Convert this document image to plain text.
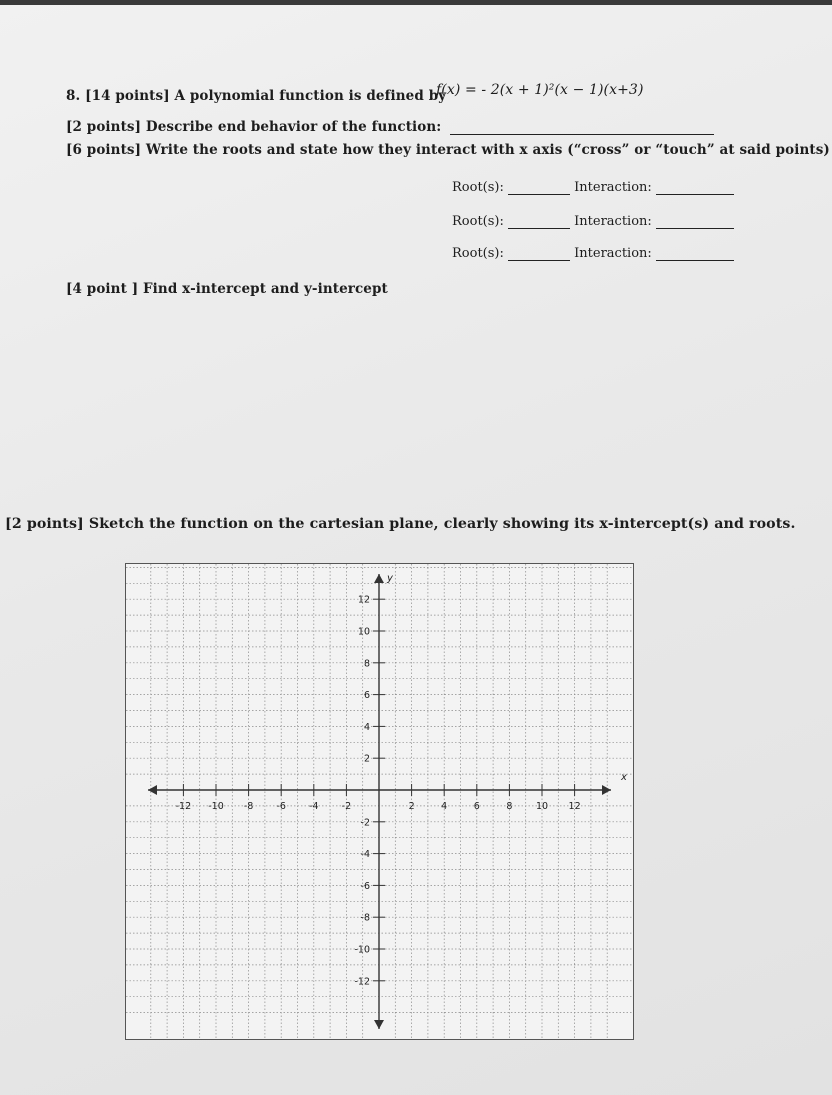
8. [14 points] A polynomial function is defined by
f(x) = - 2(x + 1)²(x − 1)(x+3)
[2 points] Describe end behavior of the function:
[6 points] Write the roots and state how they interact with x axis (“cross” or “touch” at said points)
Root(s):	Interaction:
Root(s):	Interaction:
Root(s):	Interaction:
[4 point ] Find x-intercept and y-intercept
[2 points] Sketch the function on the cartesian plane, clearly showing its x-intercept(s) and roots.
x
y
-12 -10 -8 -6 -4 -2	2	4	6	8 10 12
12
10
8
6
4
2
-2
-4
-6
-8
-10
-12
